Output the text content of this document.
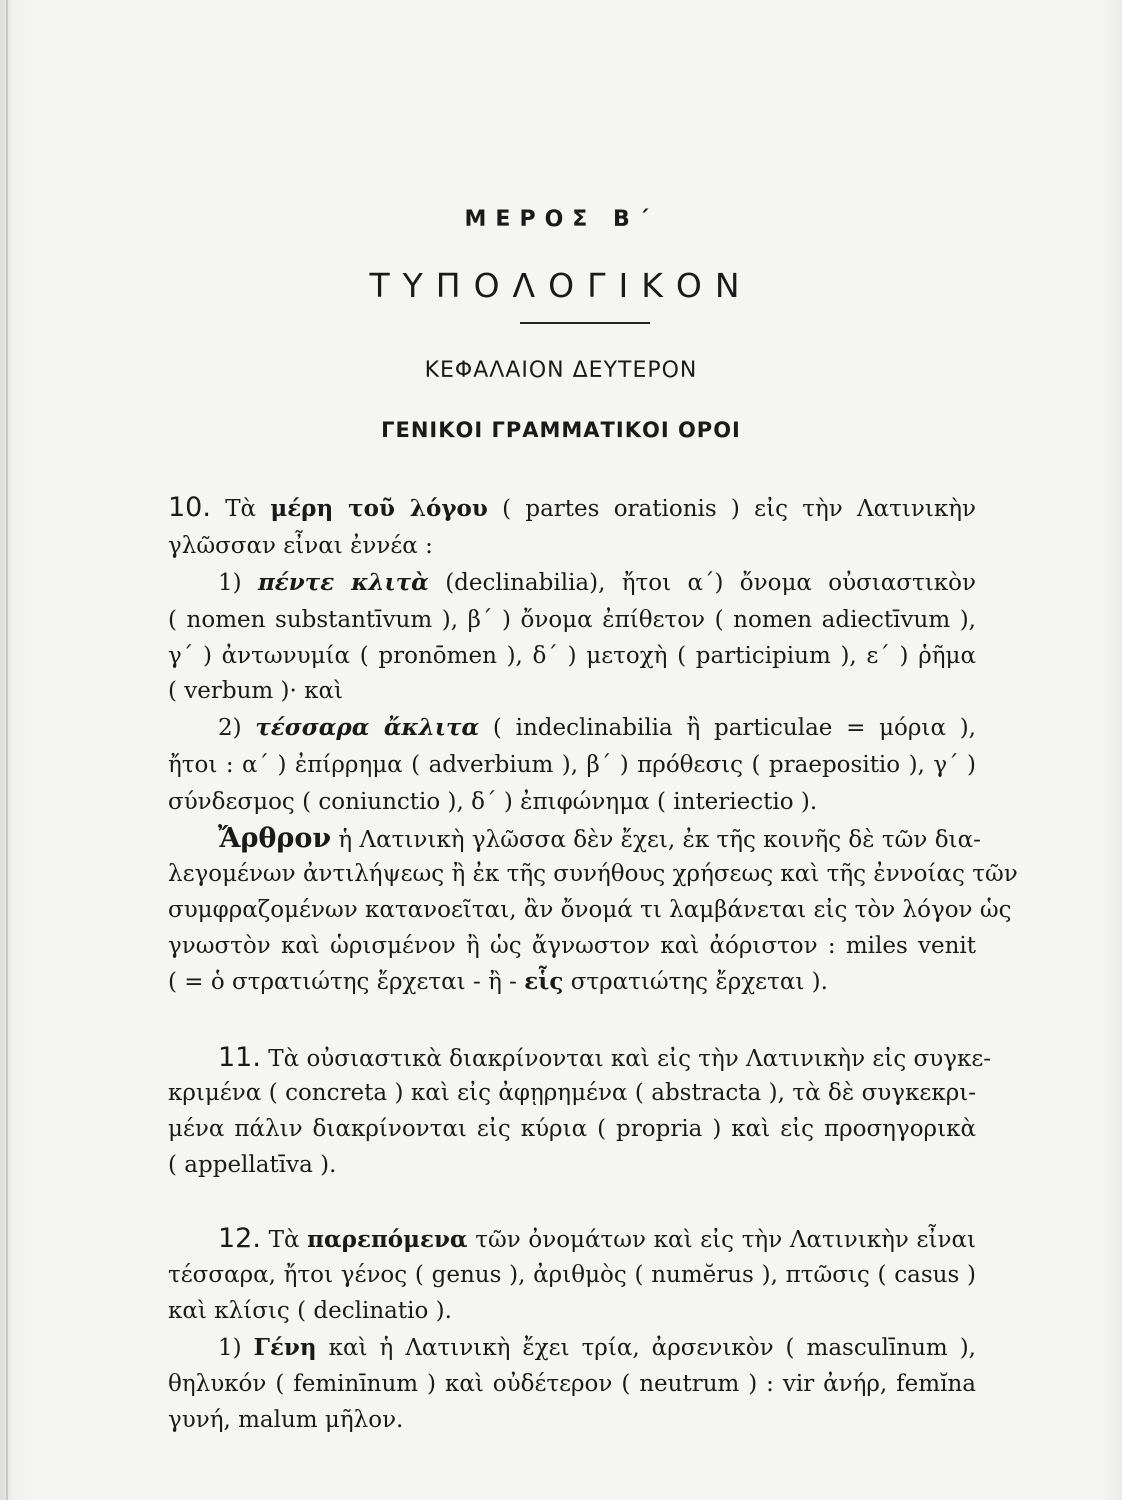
ΜΕΡΟΣ Β΄
ΤΥΠΟΛΟΓΙΚΟΝ
ΚΕΦΑΛΑΙΟΝ ΔΕΥΤΕΡΟΝ
ΓΕΝΙΚΟΙ ΓΡΑΜΜΑΤΙΚΟΙ ΟΡΟΙ
10. Τὰ μέρη τοῦ λόγου ( partes orationis ) εἰς τὴν Λατινικὴν
γλῶσσαν εἶναι ἐννέα :
1) πέντε κλιτὰ (declinabilia), ἤτοι α΄) ὄνομα οὐσιαστικὸν
( nomen substantīvum ), β΄ ) ὄνομα ἐπίθετον ( nomen adiectīvum ),
γ΄ ) ἀντωνυμία ( pronōmen ), δ΄ ) μετοχὴ ( participium ), ε΄ ) ῥῆμα
( verbum )· καὶ
2) τέσσαρα ἄκλιτα ( indeclinabilia ἢ particulae = μόρια ),
ἤτοι : α΄ ) ἐπίρρημα ( adverbium ), β΄ ) πρόθεσις ( praepositio ), γ΄ )
σύνδεσμος ( coniunctio ), δ΄ ) ἐπιφώνημα ( interiectio ).
Ἄρθρον ἡ Λατινικὴ γλῶσσα δὲν ἔχει, ἐκ τῆς κοινῆς δὲ τῶν δια-
λεγομένων ἀντιλήψεως ἢ ἐκ τῆς συνήθους χρήσεως καὶ τῆς ἐννοίας τῶν
συμφραζομένων κατανοεῖται, ἂν ὄνομά τι λαμβάνεται εἰς τὸν λόγον ὡς
γνωστὸν καὶ ὡρισμένον ἢ ὡς ἄγνωστον καὶ ἀόριστον : miles venit
( = ὁ στρατιώτης ἔρχεται - ἢ - εἷς στρατιώτης ἔρχεται ).
11. Τὰ οὐσιαστικὰ διακρίνονται καὶ εἰς τὴν Λατινικὴν εἰς συγκε-
κριμένα ( concreta ) καὶ εἰς ἀφῃρημένα ( abstracta ), τὰ δὲ συγκεκρι-
μένα πάλιν διακρίνονται εἰς κύρια ( propria ) καὶ εἰς προσηγορικὰ
( appellatīva ).
12. Τὰ παρεπόμενα τῶν ὀνομάτων καὶ εἰς τὴν Λατινικὴν εἶναι
τέσσαρα, ἤτοι γένος ( genus ), ἀριθμὸς ( numĕrus ), πτῶσις ( casus )
καὶ κλίσις ( declinatio ).
1) Γένη καὶ ἡ Λατινικὴ ἔχει τρία, ἀρσενικὸν ( masculīnum ),
θηλυκόν ( feminīnum ) καὶ οὐδέτερον ( neutrum ) : vir ἀνήρ, femĭna
γυνή, malum μῆλον.
